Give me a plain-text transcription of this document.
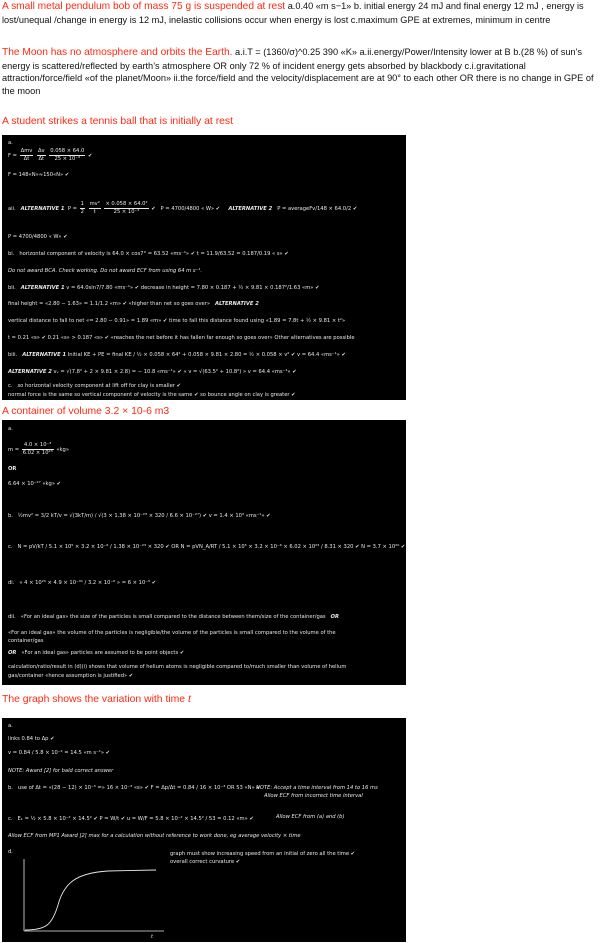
A small metal pendulum bob of mass 75 g is suspended at rest a.0.40 «m s−1» b. initial energy 24 mJ and final energy 12 mJ , energy is lost/unequal /change in energy is 12 mJ, inelastic collisions occur when energy is lost c.maximum GPE at extremes, minimum in centre
The Moon has no atmosphere and orbits the Earth. a.i.T = (1360/σ)^0.25 390 «K» a.ii.energy/Power/Intensity lower at B b.(28 %) of sun’s energy is scattered/reflected by earth’s atmosphere OR only 72 % of incident energy gets absorbed by blackbody c.i.gravitational attraction/force/field «of the planet/Moon» ii.the force/field and the velocity/displacement are at 90° to each other OR there is no change in GPE of the moon
A student strikes a tennis ball that is initially at rest
a.
$F = \frac{\text{Δmv}}{\Delta t}$
$\frac{\Delta v}{\Delta t}$
$\frac{0.058 \times 64.0}{\text{25 × 10⁻³}}$ ✔
F = 148«N»≈150«N» ✔
aii. ALTERNATIVE 1 $P = \frac{1}{2}$
$\frac{\text{mv²}}{t}$
$\frac{\text{× 0.058 × 64.0²}}{\text{25 × 10⁻³}}$ ✔ P = 4700/4800 « W» ✔ ALTERNATIVE 2 P = averageFv/148 × 64.0/2 ✔
P = 4700/4800 « W» ✔
bi. horizontal component of velocity is 64.0 × cos7° = 63.52 «ms⁻¹» ✔ t = 11.9/63.52 = 0.187/0.19 « s» ✔
Do not award BCA. Check working. Do not award ECF from using 64 m s⁻¹.
bii. ALTERNATIVE 1 v = 64.0sin7/7.80 «ms⁻¹» ✔ decrease in height = 7.80 × 0.187 + ½ × 9.81 × 0.187²/1.63 «m» ✔
final height = «2.80 − 1.63» = 1.1/1.2 «m» ✔ «higher than net so goes over» ALTERNATIVE 2
vertical distance to fall to net «= 2.80 − 0.91» = 1.89 «m» ✔ time to fall this distance found using «1.89 = 7.8t + ½ × 9.81 × t²»
t = 0.21 «s» ✔ 0.21 «s» > 0.187 «s» ✔ «reaches the net before it has fallen far enough so goes over» Other alternatives are possible
biii. ALTERNATIVE 1 Initial KE + PE = final KE / ½ × 0.058 × 64² + 0.058 × 9.81 × 2.80 = ½ × 0.058 × v² ✔ v = 64.4 «ms⁻¹» ✔
ALTERNATIVE 2 vᵥ = √(7.8² + 2 × 9.81 × 2.8) = − 10.8 «ms⁻¹» ✔ « v = √(63.5² + 10.8²) » v = 64.4 «ms⁻¹» ✔
c. so horizontal velocity component at lift off for clay is smaller ✔
normal force is the same so vertical component of velocity is the same ✔ so bounce angle on clay is greater ✔
A container of volume 3.2 × 10-6 m3
a.
$m = \frac{\text{4.0 × 10⁻³}}{\text{6.02 × 10²³}}$ «kg»
OR
6.64 × 10⁻²⁷ «kg» ✔
b. ½mv² = 3/2 kT/v = √(3kT/m) / √(3 × 1.38 × 10⁻²³ × 320 / 6.6 × 10⁻²⁷) ✔ v = 1.4 × 10³ «ms⁻¹» ✔
c. N = pV/kT / 5.1 × 10⁵ × 3.2 × 10⁻⁶ / 1.38 × 10⁻²³ × 320 ✔ OR N = pVN_A/RT / 5.1 × 10⁵ × 3.2 × 10⁻⁶ × 6.02 × 10²³ / 8.31 × 320 ✔ N = 3.7 × 10²⁰ ✔
di. « 4 × 10²⁰ × 4.9 × 10⁻³¹ / 3.2 × 10⁻⁶ » = 6 × 10⁻⁵ ✔
dii. «For an ideal gas» the size of the particles is small compared to the distance between them/size of the container/gas OR
«For an ideal gas» the volume of the particles is negligible/the volume of the particles is small compared to the volume of the
container/gas
OR «For an ideal gas» particles are assumed to be point objects ✔
calculation/ratio/result in (d)(i) shows that volume of helium atoms is negligible compared to/much smaller than volume of helium
gas/container «hence assumption is justified» ✔
The graph shows the variation with time t
a.
links 0.84 to Δp ✔
v = 0.84 / 5.8 × 10⁻² = 14.5 «m s⁻¹» ✔
NOTE: Award [2] for bald correct answer
b. use of Δt = «(28 − 12) × 10⁻³ =» 16 × 10⁻³ «s» ✔ F = Δp/Δt = 0.84 / 16 × 10⁻³ OR 53 «N» ✔
NOTE: Accept a time interval from 14 to 16 ms
Allow ECF from incorrect time interval
c. Eₖ = ½ × 5.8 × 10⁻² × 14.5² ✔ P = W/t ✔ u = W/F = 5.8 × 10⁻² × 14.5² / 53 = 0.12 «m» ✔	Allow ECF from (a) and (b)
Allow ECF from MP1 Award [2] max for a calculation without reference to work done, eg average velocity × time
d.	graph must show increasing speed from an initial of zero all the time ✔
overall correct curvature ✔
t
